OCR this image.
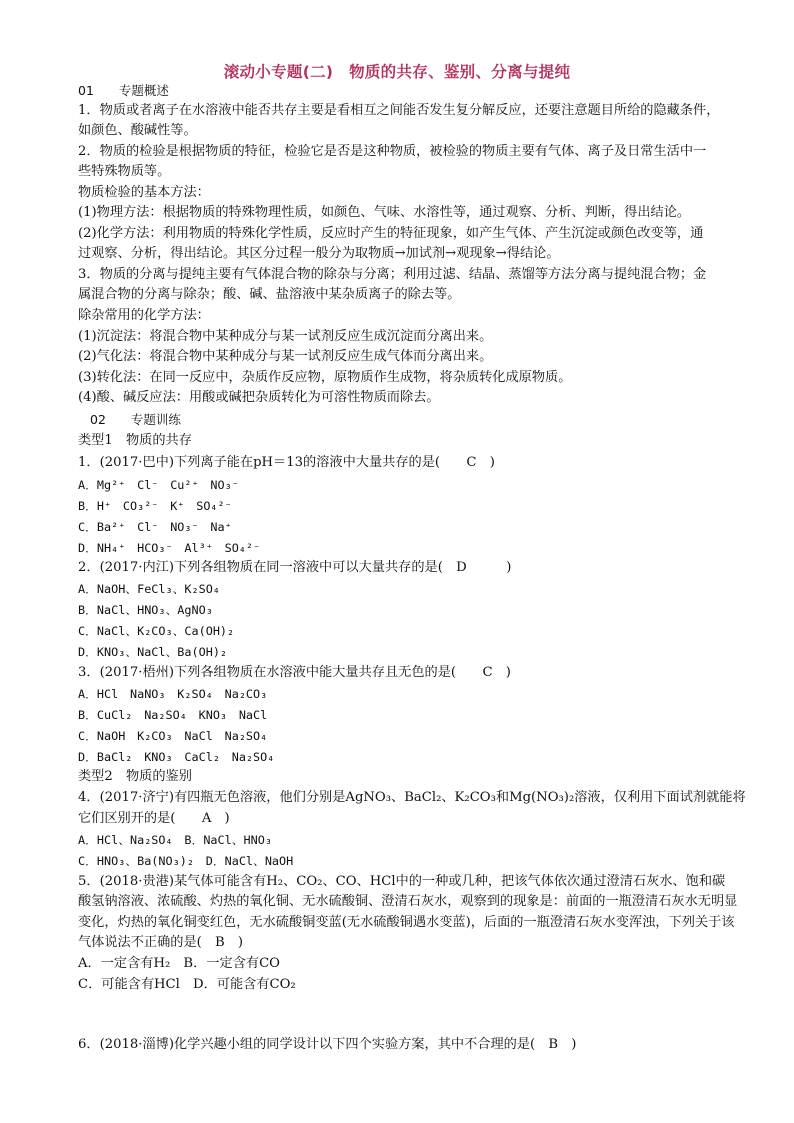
滚动小专题(二)　物质的共存、鉴别、分离与提纯
01　　专题概述
1．物质或者离子在水溶液中能否共存主要是看相互之间能否发生复分解反应，还要注意题目所给的隐藏条件，
如颜色、酸碱性等。
2．物质的检验是根据物质的特征，检验它是否是这种物质，被检验的物质主要有气体、离子及日常生活中一
些特殊物质等。
物质检验的基本方法：
(1)物理方法：根据物质的特殊物理性质，如颜色、气味、水溶性等，通过观察、分析、判断，得出结论。
(2)化学方法：利用物质的特殊化学性质，反应时产生的特征现象，如产生气体、产生沉淀或颜色改变等，通
过观察、分析，得出结论。其区分过程一般分为取物质→加试剂→观现象→得结论。
3．物质的分离与提纯主要有气体混合物的除杂与分离；利用过滤、结晶、蒸馏等方法分离与提纯混合物；金
属混合物的分离与除杂；酸、碱、盐溶液中某杂质离子的除去等。
除杂常用的化学方法：
(1)沉淀法：将混合物中某种成分与某一试剂反应生成沉淀而分离出来。
(2)气化法：将混合物中某种成分与某一试剂反应生成气体而分离出来。
(3)转化法：在同一反应中，杂质作反应物，原物质作生成物，将杂质转化成原物质。
(4)酸、碱反应法：用酸或碱把杂质转化为可溶性物质而除去。
02　　专题训练
类型1　物质的共存
1．(2017·巴中)下列离子能在pH＝13的溶液中大量共存的是(　　C　)
A．Mg²⁺　Cl⁻　Cu²⁺　NO₃⁻
B．H⁺　CO₃²⁻　K⁺　SO₄²⁻
C．Ba²⁺　Cl⁻　NO₃⁻　Na⁺
D．NH₄⁺　HCO₃⁻　Al³⁺　SO₄²⁻
2．(2017·内江)下列各组物质在同一溶液中可以大量共存的是(　D　　　)
A．NaOH、FeCl₃、K₂SO₄
B．NaCl、HNO₃、AgNO₃
C．NaCl、K₂CO₃、Ca(OH)₂
D．KNO₃、NaCl、Ba(OH)₂
3．(2017·梧州)下列各组物质在水溶液中能大量共存且无色的是(　　C　)
A．HCl　NaNO₃　K₂SO₄　Na₂CO₃
B．CuCl₂　Na₂SO₄　KNO₃　NaCl
C．NaOH　K₂CO₃　NaCl　Na₂SO₄
D．BaCl₂　KNO₃　CaCl₂　Na₂SO₄
类型2　物质的鉴别
4．(2017·济宁)有四瓶无色溶液，他们分别是AgNO₃、BaCl₂、K₂CO₃和Mg(NO₃)₂溶液，仅利用下面试剂就能将
它们区别开的是(　　A　)
A．HCl、Na₂SO₄　B．NaCl、HNO₃
C．HNO₃、Ba(NO₃)₂　D．NaCl、NaOH
5．(2018·贵港)某气体可能含有H₂、CO₂、CO、HCl中的一种或几种，把该气体依次通过澄清石灰水、饱和碳
酸氢钠溶液、浓硫酸、灼热的氧化铜、无水硫酸铜、澄清石灰水，观察到的现象是：前面的一瓶澄清石灰水无明显
变化，灼热的氧化铜变红色，无水硫酸铜变蓝(无水硫酸铜遇水变蓝)，后面的一瓶澄清石灰水变浑浊，下列关于该
气体说法不正确的是(　B　)
A．一定含有H₂　B．一定含有CO
C．可能含有HCl　D．可能含有CO₂
6．(2018·淄博)化学兴趣小组的同学设计以下四个实验方案，其中不合理的是(　B　)
